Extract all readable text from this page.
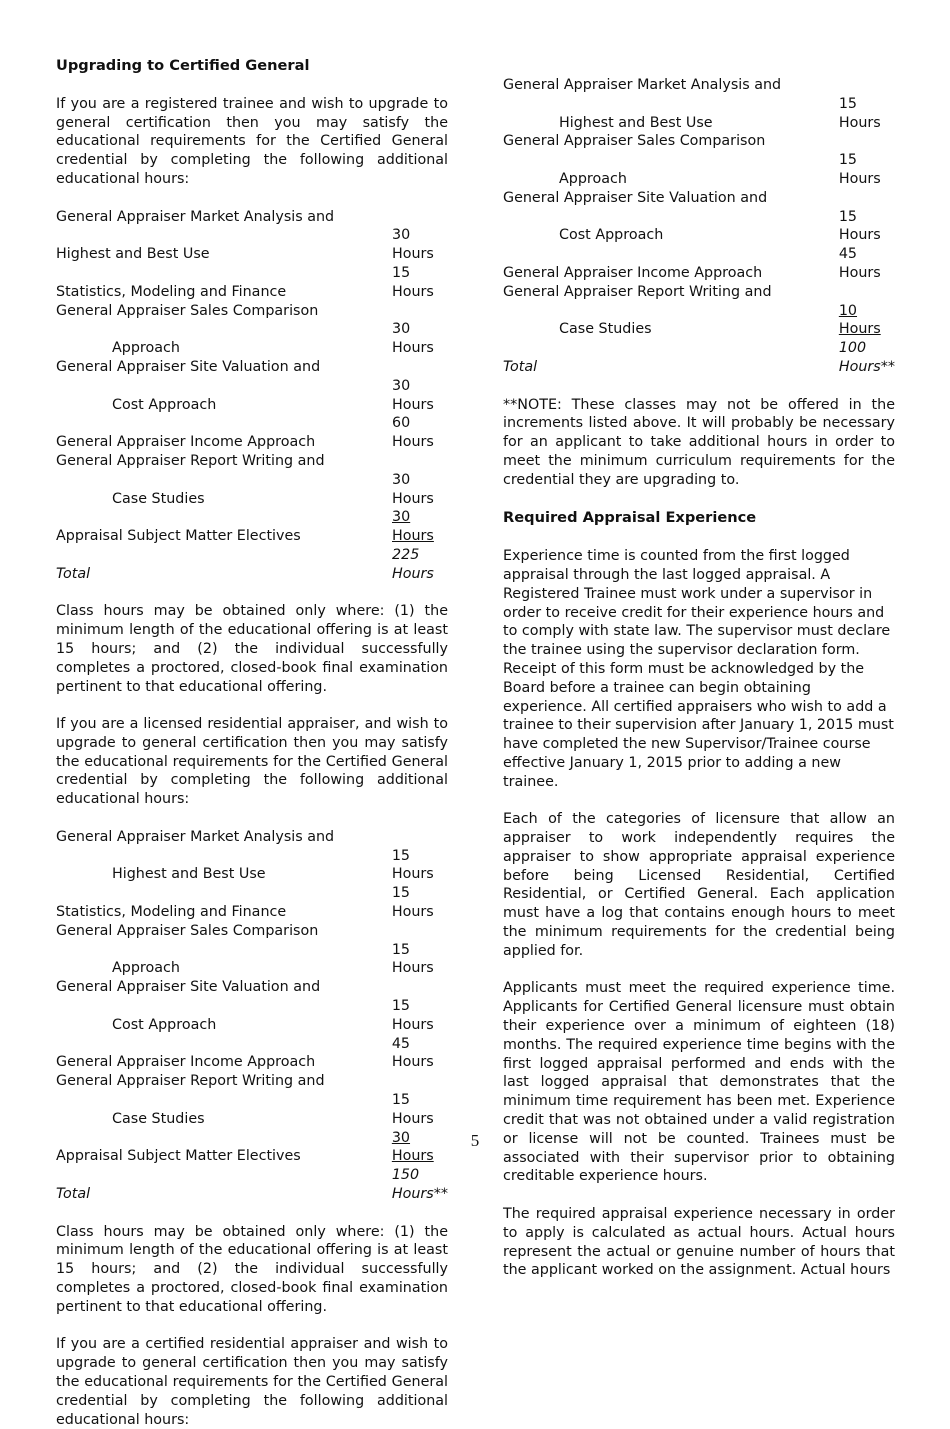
Upgrading to Certified General

If you are a registered trainee and wish to upgrade to general certification then you may satisfy the educational requirements for the Certified General credential by completing the following additional educational hours:

General Appraiser Market Analysis and	
Highest and Best Use	30 Hours
Statistics, Modeling and Finance	15 Hours
General Appraiser Sales Comparison	
Approach	30 Hours
General Appraiser Site Valuation and	
Cost Approach	30 Hours
General Appraiser Income Approach	60 Hours
General Appraiser Report Writing and	
Case Studies	30 Hours
Appraisal Subject Matter Electives	30 Hours
Total	225 Hours

Class hours may be obtained only where: (1) the minimum length of the educational offering is at least 15 hours; and (2) the individual successfully completes a proctored, closed-book final examination pertinent to that educational offering.

If you are a licensed residential appraiser, and wish to upgrade to general certification then you may satisfy the educational requirements for the Certified General credential by completing the following additional educational hours:

General Appraiser Market Analysis and	
Highest and Best Use	15 Hours
Statistics, Modeling and Finance	15 Hours
General Appraiser Sales Comparison	
Approach	15 Hours
General Appraiser Site Valuation and	
Cost Approach	15 Hours
General Appraiser Income Approach	45 Hours
General Appraiser Report Writing and	
Case Studies	15 Hours
Appraisal Subject Matter Electives	30 Hours
Total	150 Hours**

Class hours may be obtained only where: (1) the minimum length of the educational offering is at least 15 hours; and (2) the individual successfully completes a proctored, closed-book final examination pertinent to that educational offering.

If you are a certified residential appraiser and wish to upgrade to general certification then you may satisfy the educational requirements for the Certified General credential by completing the following additional educational hours:

General Appraiser Market Analysis and	
Highest and Best Use	15 Hours
General Appraiser Sales Comparison	
Approach	15 Hours
General Appraiser Site Valuation and	
Cost Approach	15 Hours
General Appraiser Income Approach	45 Hours
General Appraiser Report Writing and	
Case Studies	10 Hours
Total	100 Hours**

**NOTE: These classes may not be offered in the increments listed above. It will probably be necessary for an applicant to take additional hours in order to meet the minimum curriculum requirements for the credential they are upgrading to.

Required Appraisal Experience

Experience time is counted from the first logged appraisal through the last logged appraisal. A Registered Trainee must work under a supervisor in order to receive credit for their experience hours and to comply with state law. The supervisor must declare the trainee using the supervisor declaration form. Receipt of this form must be acknowledged by the Board before a trainee can begin obtaining experience. All certified appraisers who wish to add a trainee to their supervision after January 1, 2015 must have completed the new Supervisor/Trainee course effective January 1, 2015 prior to adding a new trainee.

Each of the categories of licensure that allow an appraiser to work independently requires the appraiser to show appropriate appraisal experience before being Licensed Residential, Certified Residential, or Certified General. Each application must have a log that contains enough hours to meet the minimum requirements for the credential being applied for.

Applicants must meet the required experience time. Applicants for Certified General licensure must obtain their experience over a minimum of eighteen (18) months. The required experience time begins with the first logged appraisal performed and ends with the last logged appraisal that demonstrates that the minimum time requirement has been met. Experience credit that was not obtained under a valid registration or license will not be counted. Trainees must be associated with their supervisor prior to obtaining creditable experience hours.

The required appraisal experience necessary in order to apply is calculated as actual hours. Actual hours represent the actual or genuine number of hours that the applicant worked on the assignment. Actual hours

5
